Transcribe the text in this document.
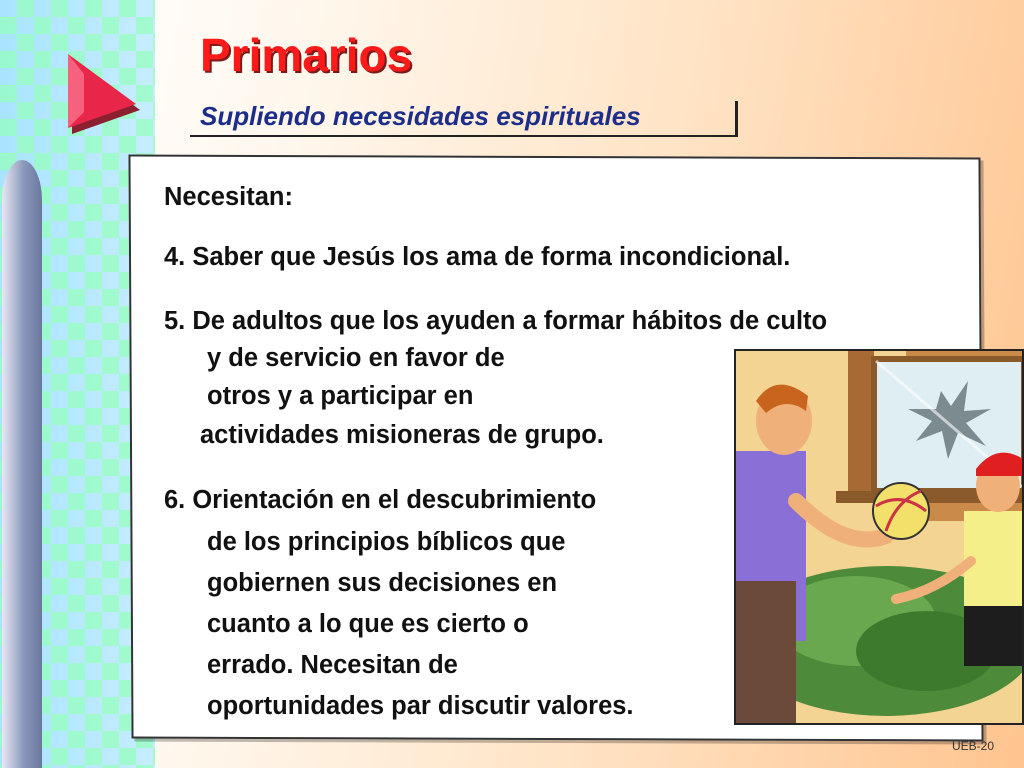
Primarios
Supliendo necesidades espirituales

Necesitan:

4. Saber que Jesús los ama de forma incondicional.

5. De adultos que los ayuden a formar hábitos de culto

y de servicio en favor de

otros y a participar en

actividades misioneras de grupo.

6. Orientación en el descubrimiento

de los principios bíblicos que

gobiernen sus decisiones en

cuanto a lo que es cierto o

errado. Necesitan de

oportunidades par discutir valores.

UEB-20
